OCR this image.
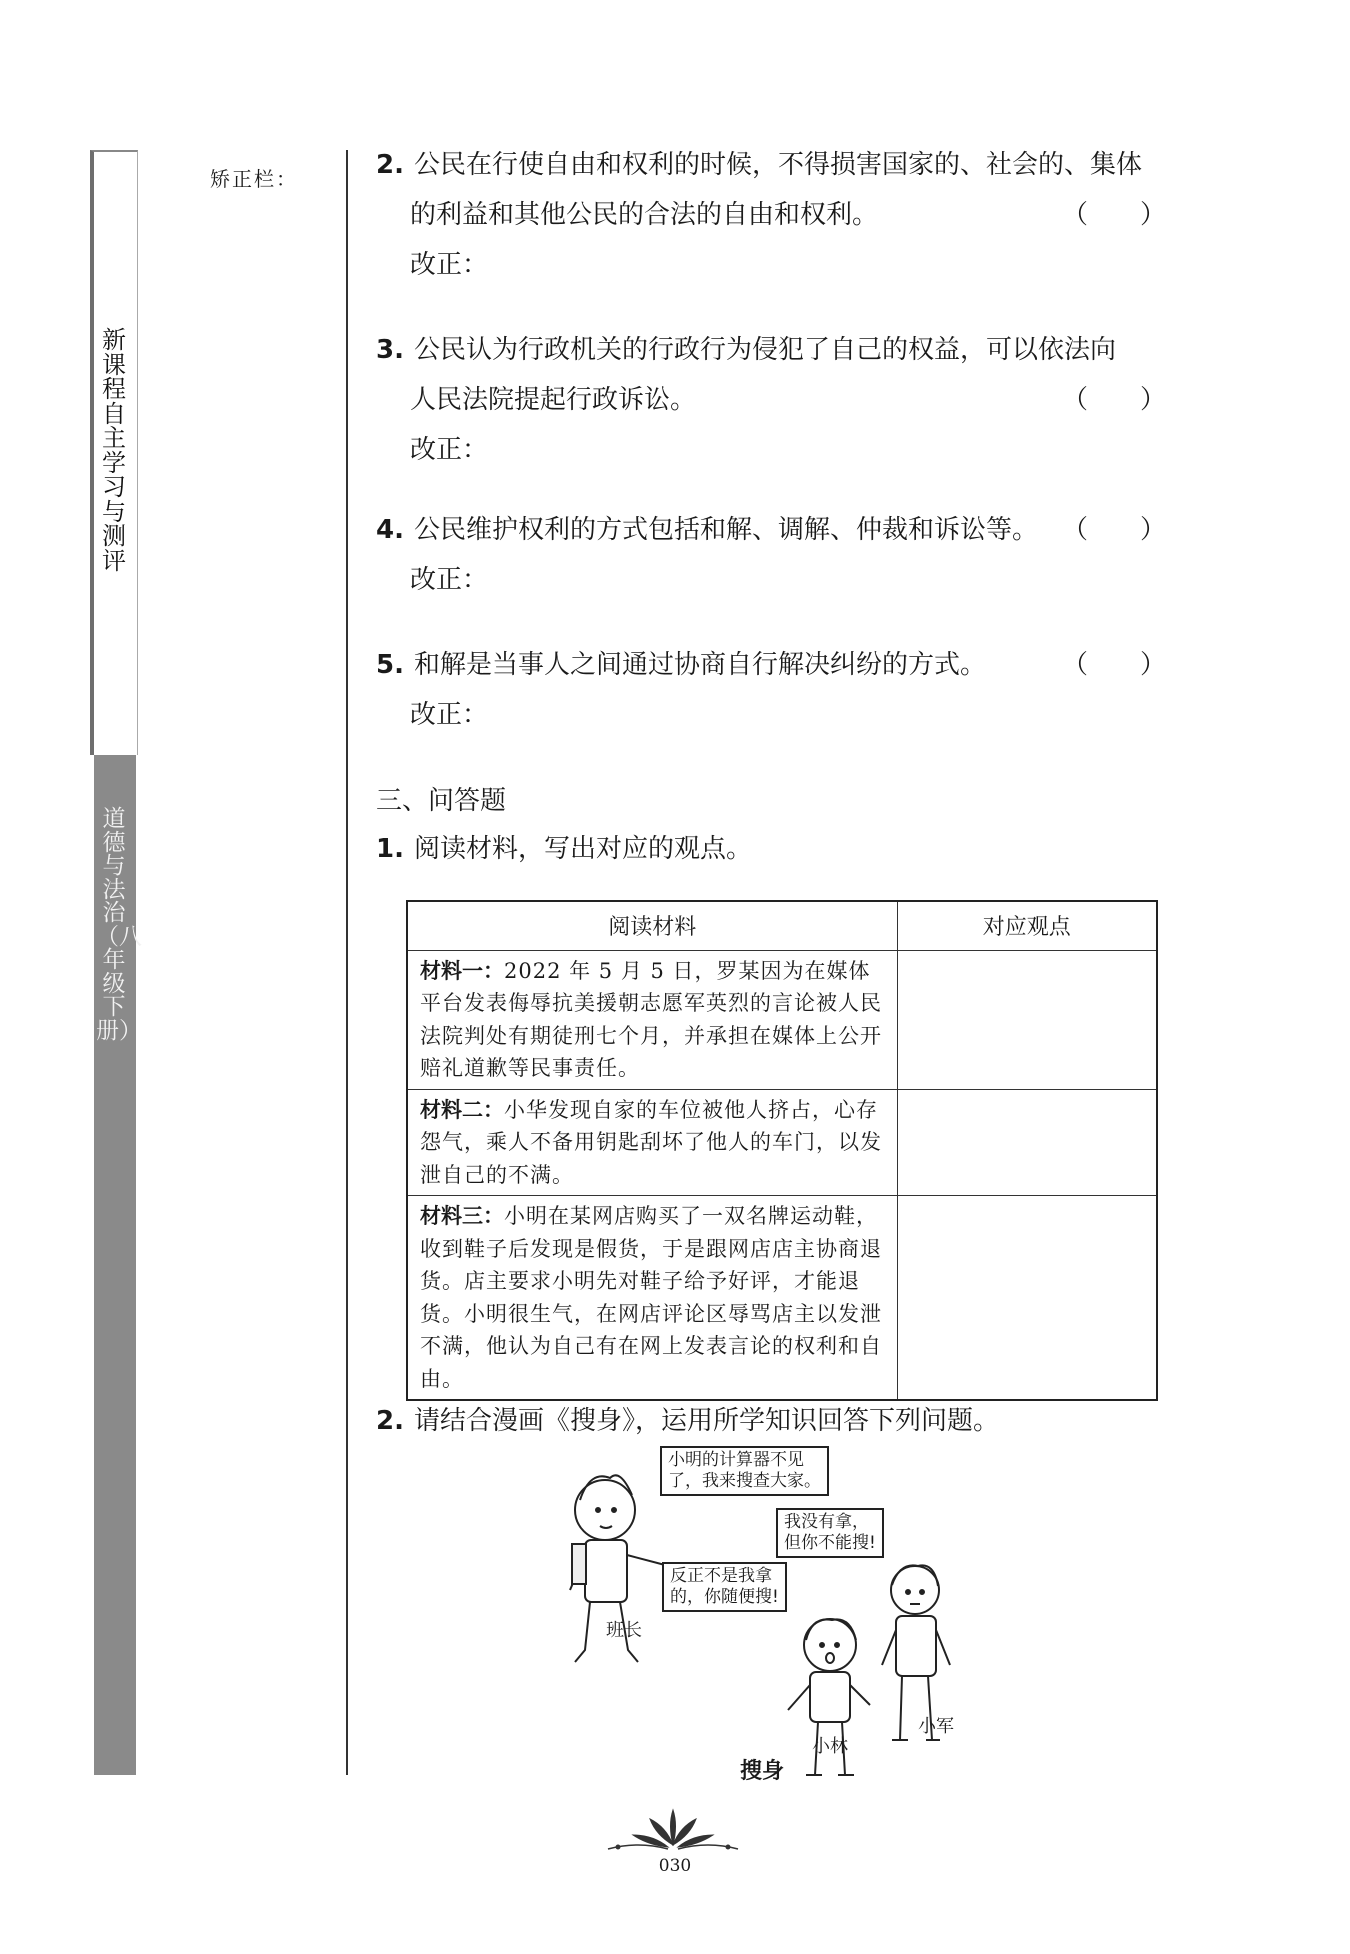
新课程自主学习与测评
道德与法治（八年级下册）
矫正栏：	2. 公民在行使自由和权利的时候，不得损害国家的、社会的、集体
的利益和其他公民的合法的自由和权利。	（　　）
改正：
3. 公民认为行政机关的行政行为侵犯了自己的权益，可以依法向
人民法院提起行政诉讼。	（　　）
改正：
4. 公民维护权利的方式包括和解、调解、仲裁和诉讼等。 （　　）
改正：
5. 和解是当事人之间通过协商自行解决纠纷的方式。	（　　）
改正：
三、问答题
1. 阅读材料，写出对应的观点。
阅读材料	对应观点
材料一：2022 年 5 月 5 日，罗某因为在媒体平台发表侮辱抗美援朝志愿军英烈的言论被人民法院判处有期徒刑七个月，并承担在媒体上公开赔礼道歉等民事责任。	
材料二：小华发现自家的车位被他人挤占，心存怨气，乘人不备用钥匙刮坏了他人的车门，以发泄自己的不满。	
材料三：小明在某网店购买了一双名牌运动鞋，收到鞋子后发现是假货，于是跟网店店主协商退货。店主要求小明先对鞋子给予好评，才能退货。小明很生气，在网店评论区辱骂店主以发泄不满，他认为自己有在网上发表言论的权利和自由。	
2. 请结合漫画《搜身》，运用所学知识回答下列问题。
小明的计算器不见
了，我来搜查大家。
我没有拿，
但你不能搜!
反正不是我拿
的，你随便搜!
班长
小林
小军
搜身
030
